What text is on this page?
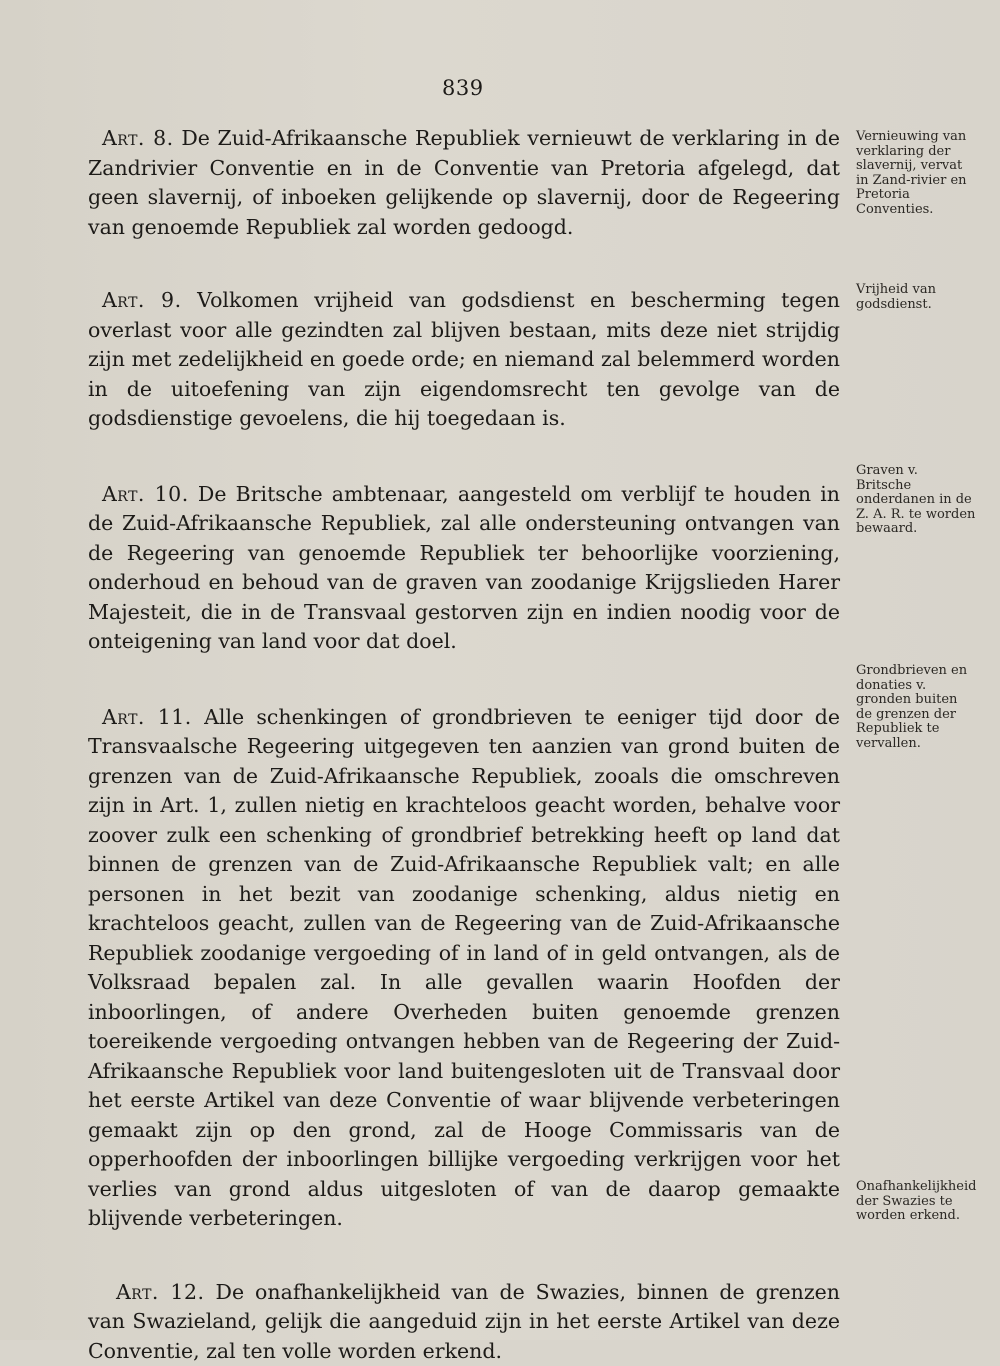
839

Art. 8. De Zuid-Afrikaansche Republiek vernieuwt de verklaring in de Zandrivier Conventie en in de Conventie van Pretoria afgelegd, dat geen slavernij, of inboeken gelijkende op slavernij, door de Regeering van genoemde Republiek zal worden gedoogd.

Art. 9. Volkomen vrijheid van godsdienst en bescherming tegen overlast voor alle gezindten zal blijven bestaan, mits deze niet strijdig zijn met zedelijkheid en goede orde; en niemand zal belemmerd worden in de uitoefening van zijn eigendomsrecht ten gevolge van de godsdienstige gevoelens, die hij toegedaan is.

Art. 10. De Britsche ambtenaar, aangesteld om verblijf te houden in de Zuid-Afrikaansche Republiek, zal alle ondersteuning ontvangen van de Regeering van genoemde Republiek ter behoorlijke voorziening, onderhoud en behoud van de graven van zoodanige Krijgslieden Harer Majesteit, die in de Transvaal gestorven zijn en indien noodig voor de onteigening van land voor dat doel.

Art. 11. Alle schenkingen of grondbrieven te eeniger tijd door de Transvaalsche Regeering uitgegeven ten aanzien van grond buiten de grenzen van de Zuid-Afrikaansche Republiek, zooals die omschreven zijn in Art. 1, zullen nietig en krachteloos geacht worden, behalve voor zoover zulk een schenking of grondbrief betrekking heeft op land dat binnen de grenzen van de Zuid-Afrikaansche Republiek valt; en alle personen in het bezit van zoodanige schenking, aldus nietig en krachteloos geacht, zullen van de Regeering van de Zuid-Afrikaansche Republiek zoodanige vergoeding of in land of in geld ontvangen, als de Volksraad bepalen zal. In alle gevallen waarin Hoofden der inboorlingen, of andere Overheden buiten genoemde grenzen toereikende vergoeding ontvangen hebben van de Regeering der Zuid-Afrikaansche Republiek voor land buitengesloten uit de Transvaal door het eerste Artikel van deze Conventie of waar blijvende verbeteringen gemaakt zijn op den grond, zal de Hooge Commissaris van de opperhoofden der inboorlingen billijke vergoeding verkrijgen voor het verlies van grond aldus uitgesloten of van de daarop gemaakte blijvende verbeteringen.

Art. 12. De onafhankelijkheid van de Swazies, binnen de grenzen van Swazieland, gelijk die aangeduid zijn in het eerste Artikel van deze Conventie, zal ten volle worden erkend.

Vernieuwing van verklaring der slavernij, vervat in Zand-rivier en Pretoria Conventies.

Vrijheid van godsdienst.

Graven v. Britsche onderdanen in de Z. A. R. te worden bewaard.

Grondbrieven en donaties v. gronden buiten de grenzen der Republiek te vervallen.

Onafhankelijkheid der Swazies te worden erkend.
